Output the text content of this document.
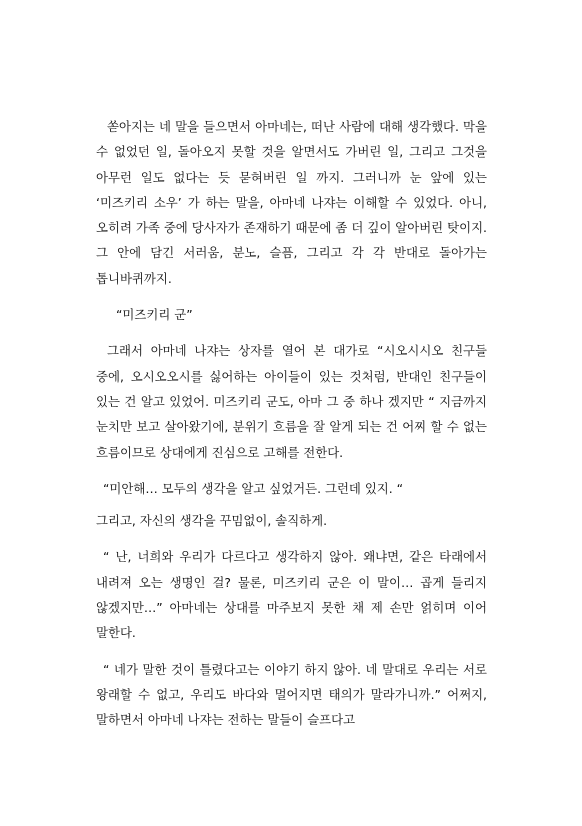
쏟아지는 네 말을 들으면서 아마네는, 떠난 사람에 대해 생각했다. 막을 수 없었던 일, 돌아오지 못할 것을 알면서도 가버린 일, 그리고 그것을 아무런 일도 없다는 듯 묻혀버린 일 까지. 그러니까 눈 앞에 있는 ‘미즈키리 소우’ 가 하는 말을, 아마네 나쟈는 이해할 수 있었다. 아니, 오히려 가족 중에 당사자가 존재하기 때문에 좀 더 깊이 알아버린 탓이지. 그 안에 담긴 서러움, 분노, 슬픔, 그리고 각 각 반대로 돌아가는 톱니바퀴까지.

“미즈키리 군”

그래서 아마네 나쟈는 상자를 열어 본 대가로 “시오시시오 친구들 중에, 오시오오시를 싫어하는 아이들이 있는 것처럼, 반대인 친구들이 있는 건 알고 있었어. 미즈키리 군도, 아마 그 중 하나 겠지만 “ 지금까지 눈치만 보고 살아왔기에, 분위기 흐름을 잘 알게 되는 건 어찌 할 수 없는 흐름이므로 상대에게 진심으로 고해를 전한다.

“미안해… 모두의 생각을 알고 싶었거든. 그런데 있지. “

그리고, 자신의 생각을 꾸밈없이, 솔직하게.

“ 난, 너희와 우리가 다르다고 생각하지 않아. 왜냐면, 같은 타래에서 내려져 오는 생명인 걸? 물론, 미즈키리 군은 이 말이… 곱게 들리지 않겠지만…” 아마네는 상대를 마주보지 못한 채 제 손만 얽히며 이어 말한다.

“ 네가 말한 것이 틀렸다고는 이야기 하지 않아. 네 말대로 우리는 서로 왕래할 수 없고, 우리도 바다와 멀어지면 태의가 말라가니까.” 어쩌지, 말하면서 아마네 나쟈는 전하는 말들이 슬프다고
